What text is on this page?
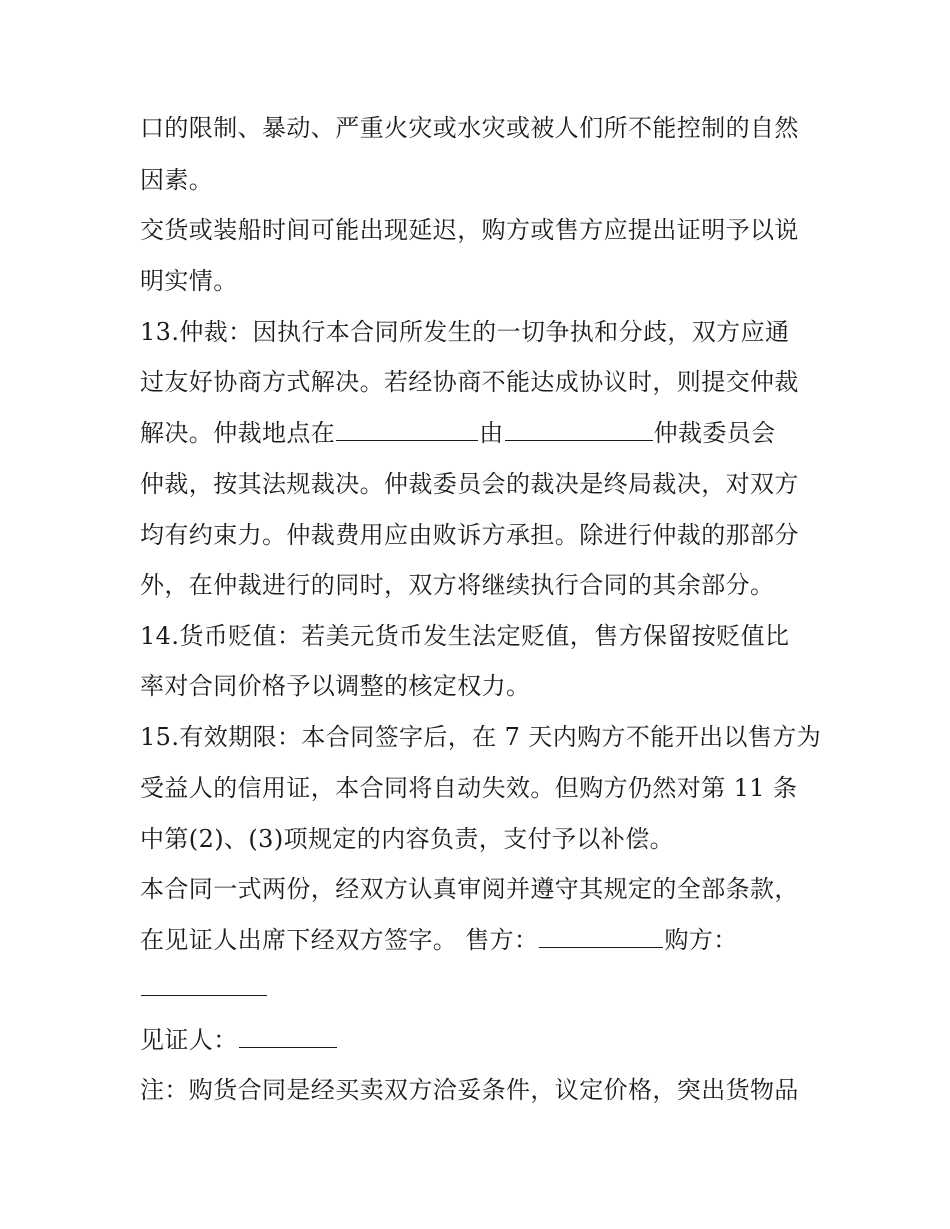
口的限制、暴动、严重火灾或水灾或被人们所不能控制的自然
因素。
交货或装船时间可能出现延迟，购方或售方应提出证明予以说
明实情。
13.仲裁：因执行本合同所发生的一切争执和分歧，双方应通
过友好协商方式解决。若经协商不能达成协议时，则提交仲裁
解决。仲裁地点在	由	仲裁委员会
仲裁，按其法规裁决。仲裁委员会的裁决是终局裁决，对双方
均有约束力。仲裁费用应由败诉方承担。除进行仲裁的那部分
外，在仲裁进行的同时，双方将继续执行合同的其余部分。
14.货币贬值：若美元货币发生法定贬值，售方保留按贬值比
率对合同价格予以调整的核定权力。
15.有效期限：本合同签字后，在 7 天内购方不能开出以售方为
受益人的信用证，本合同将自动失效。但购方仍然对第 11 条
中第(2)、(3)项规定的内容负责，支付予以补偿。
本合同一式两份，经双方认真审阅并遵守其规定的全部条款，
在见证人出席下经双方签字。 售方：	购方：
见证人：
注：购货合同是经买卖双方洽妥条件，议定价格，突出货物品
